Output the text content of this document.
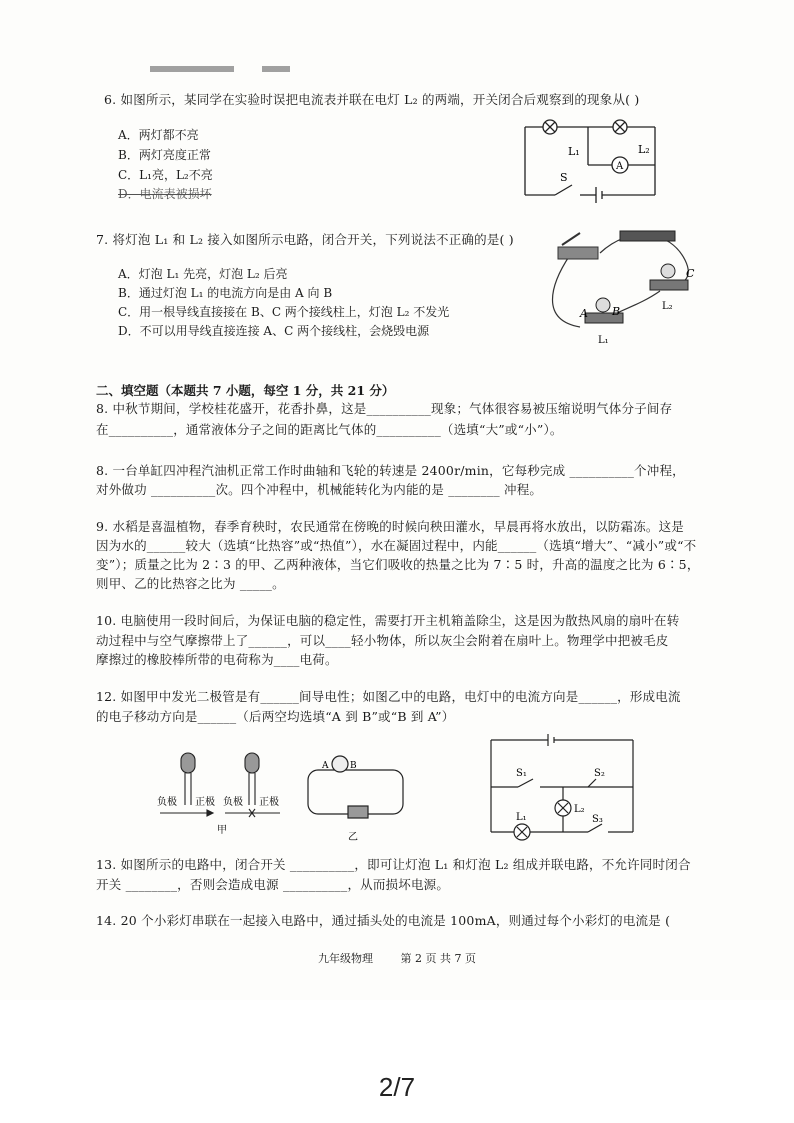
6. 如图所示，某同学在实验时误把电流表并联在电灯 L₂ 的两端，开关闭合后观察到的现象从( )
A．两灯都不亮
B．两灯亮度正常
C．L₁亮，L₂不亮
D．电流表被损坏
A
L₁	L₂
S
7. 将灯泡 L₁ 和 L₂ 接入如图所示电路，闭合开关，下列说法不正确的是( )
A．灯泡 L₁ 先亮，灯泡 L₂ 后亮
B．通过灯泡 L₁ 的电流方向是由 A 向 B
C．用一根导线直接接在 B、C 两个接线柱上，灯泡 L₂ 不发光
D．不可以用导线直接连接 A、C 两个接线柱，会烧毁电源
A B
C
L₁
L₂
二、填空题（本题共 7 小题，每空 1 分，共 21 分）
8. 中秋节期间，学校桂花盛开，花香扑鼻，这是__________现象；气体很容易被压缩说明气体分子间存
在__________，通常液体分子之间的距离比气体的__________（选填“大”或“小”）。
8. 一台单缸四冲程汽油机正常工作时曲轴和飞轮的转速是 2400r/min，它每秒完成 __________个冲程，
对外做功 __________次。四个冲程中，机械能转化为内能的是 ________ 冲程。
9. 水稻是喜温植物，春季育秧时，农民通常在傍晚的时候向秧田灌水，早晨再将水放出，以防霜冻。这是
因为水的______较大（选填“比热容”或“热值”），水在凝固过程中，内能______（选填“增大”、“减小”或“不
变”）；质量之比为 2∶3 的甲、乙两种液体，当它们吸收的热量之比为 7∶5 时，升高的温度之比为 6∶5，
则甲、乙的比热容之比为 _____。
10. 电脑使用一段时间后，为保证电脑的稳定性，需要打开主机箱盖除尘，这是因为散热风扇的扇叶在转
动过程中与空气摩擦带上了______，可以____轻小物体，所以灰尘会附着在扇叶上。物理学中把被毛皮
摩擦过的橡胶棒所带的电荷称为____电荷。
12. 如图甲中发光二极管是有______间导电性；如图乙中的电路，电灯中的电流方向是______，形成电流
的电子移动方向是______（后两空均选填“A 到 B”或“B 到 A”）
负极 正极 负极 正极
甲
A B
乙
S₁	S₂
S₃
L₁
L₂
13. 如图所示的电路中，闭合开关 __________，即可让灯泡 L₁ 和灯泡 L₂ 组成并联电路，不允许同时闭合
开关 ________，否则会造成电源 __________，从而损坏电源。
14. 20 个小彩灯串联在一起接入电路中，通过插头处的电流是 100mA，则通过每个小彩灯的电流是 (
九年级物理	第 2 页 共 7 页
2/7
